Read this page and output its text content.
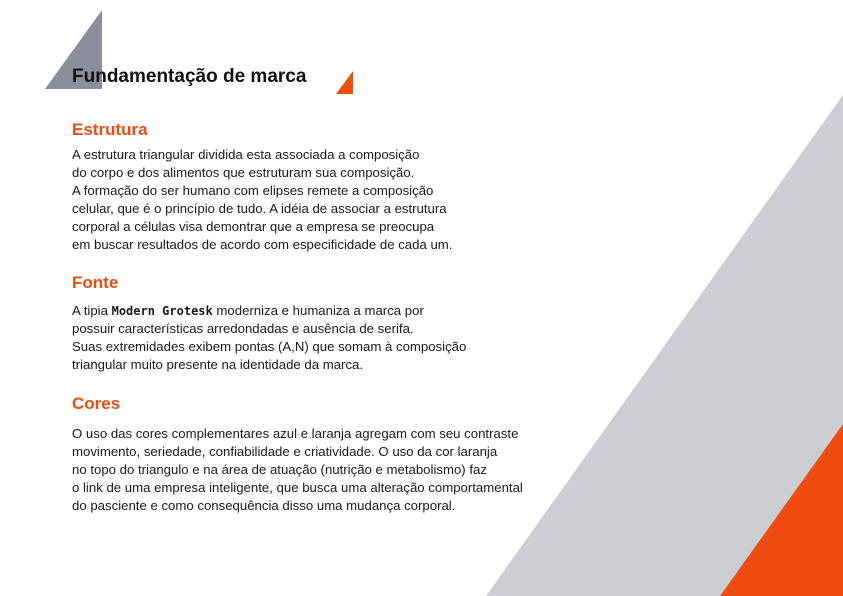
Fundamentação de marca
Estrutura
A estrutura triangular dividida esta associada a composição
do corpo e dos alimentos que estruturam sua composição.
A formação do ser humano com elipses remete a composição
celular, que é o princípio de tudo. A idéia de associar a estrutura
corporal a células visa demontrar que a empresa se preocupa
em buscar resultados de acordo com especificidade de cada um.
Fonte
A tipia Modern Grotesk moderniza e humaniza a marca por
possuir características arredondadas e ausência de serifa.
Suas extremidades exibem pontas (A,N) que somam à composição
triangular muito presente na identidade da marca.
Cores
O uso das cores complementares azul e laranja agregam com seu contraste
movimento, seriedade, confiabilidade e criatividade. O uso da cor laranja
no topo do triangulo e na área de atuação (nutrição e metabolismo) faz
o link de uma empresa inteligente, que busca uma alteração comportamental
do pasciente e como consequência disso uma mudança corporal.
